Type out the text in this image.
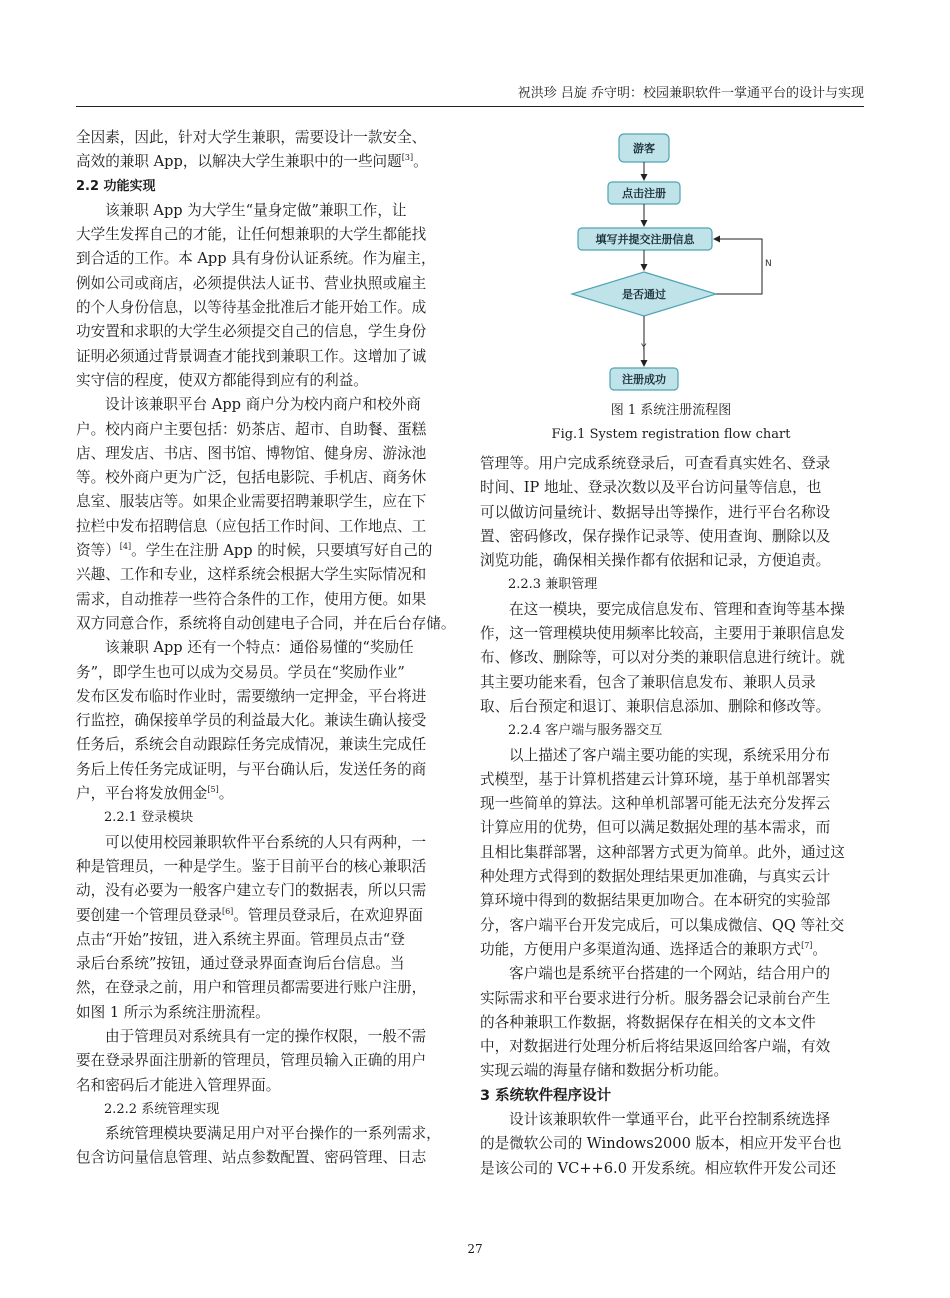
祝洪珍 吕旋 乔守明：校园兼职软件一掌通平台的设计与实现
全因素，因此，针对大学生兼职，需要设计一款安全、
高效的兼职 App，以解决大学生兼职中的一些问题[3]。
2.2 功能实现
该兼职 App 为大学生“量身定做”兼职工作，让
大学生发挥自己的才能，让任何想兼职的大学生都能找
到合适的工作。本 App 具有身份认证系统。作为雇主，
例如公司或商店，必须提供法人证书、营业执照或雇主
的个人身份信息，以等待基金批准后才能开始工作。成
功安置和求职的大学生必须提交自己的信息，学生身份
证明必须通过背景调查才能找到兼职工作。这增加了诚
实守信的程度，使双方都能得到应有的利益。
设计该兼职平台 App 商户分为校内商户和校外商
户。校内商户主要包括：奶茶店、超市、自助餐、蛋糕
店、理发店、书店、图书馆、博物馆、健身房、游泳池
等。校外商户更为广泛，包括电影院、手机店、商务休
息室、服装店等。如果企业需要招聘兼职学生，应在下
拉栏中发布招聘信息（应包括工作时间、工作地点、工
资等）[4]。学生在注册 App 的时候，只要填写好自己的
兴趣、工作和专业，这样系统会根据大学生实际情况和
需求，自动推荐一些符合条件的工作，使用方便。如果
双方同意合作，系统将自动创建电子合同，并在后台存储。
该兼职 App 还有一个特点：通俗易懂的“奖励任
务”，即学生也可以成为交易员。学员在“奖励作业”
发布区发布临时作业时，需要缴纳一定押金，平台将进
行监控，确保接单学员的利益最大化。兼读生确认接受
任务后，系统会自动跟踪任务完成情况，兼读生完成任
务后上传任务完成证明，与平台确认后，发送任务的商
户，平台将发放佣金[5]。
2.2.1 登录模块
可以使用校园兼职软件平台系统的人只有两种，一
种是管理员，一种是学生。鉴于目前平台的核心兼职活
动，没有必要为一般客户建立专门的数据表，所以只需
要创建一个管理员登录[6]。管理员登录后，在欢迎界面
点击“开始”按钮，进入系统主界面。管理员点击“登
录后台系统”按钮，通过登录界面查询后台信息。当
然，在登录之前，用户和管理员都需要进行账户注册，
如图 1 所示为系统注册流程。
由于管理员对系统具有一定的操作权限，一般不需
要在登录界面注册新的管理员，管理员输入正确的用户
名和密码后才能进入管理界面。
2.2.2 系统管理实现
系统管理模块要满足用户对平台操作的一系列需求，
包含访问量信息管理、站点参数配置、密码管理、日志
游客
点击注册
填写并提交注册信息
是否通过
N
Y
注册成功
图 1 系统注册流程图
Fig.1 System registration flow chart
管理等。用户完成系统登录后，可查看真实姓名、登录
时间、IP 地址、登录次数以及平台访问量等信息，也
可以做访问量统计、数据导出等操作，进行平台名称设
置、密码修改，保存操作记录等、使用查询、删除以及
浏览功能，确保相关操作都有依据和记录，方便追责。
2.2.3 兼职管理
在这一模块，要完成信息发布、管理和查询等基本操
作，这一管理模块使用频率比较高，主要用于兼职信息发
布、修改、删除等，可以对分类的兼职信息进行统计。就
其主要功能来看，包含了兼职信息发布、兼职人员录
取、后台预定和退订、兼职信息添加、删除和修改等。
2.2.4 客户端与服务器交互
以上描述了客户端主要功能的实现，系统采用分布
式模型，基于计算机搭建云计算环境，基于单机部署实
现一些简单的算法。这种单机部署可能无法充分发挥云
计算应用的优势，但可以满足数据处理的基本需求，而
且相比集群部署，这种部署方式更为简单。此外，通过这
种处理方式得到的数据处理结果更加准确，与真实云计
算环境中得到的数据结果更加吻合。在本研究的实验部
分，客户端平台开发完成后，可以集成微信、QQ 等社交
功能，方便用户多渠道沟通、选择适合的兼职方式[7]。
客户端也是系统平台搭建的一个网站，结合用户的
实际需求和平台要求进行分析。服务器会记录前台产生
的各种兼职工作数据，将数据保存在相关的文本文件
中，对数据进行处理分析后将结果返回给客户端，有效
实现云端的海量存储和数据分析功能。
3 系统软件程序设计
设计该兼职软件一掌通平台，此平台控制系统选择
的是微软公司的 Windows2000 版本，相应开发平台也
是该公司的 VC++6.0 开发系统。相应软件开发公司还
27
